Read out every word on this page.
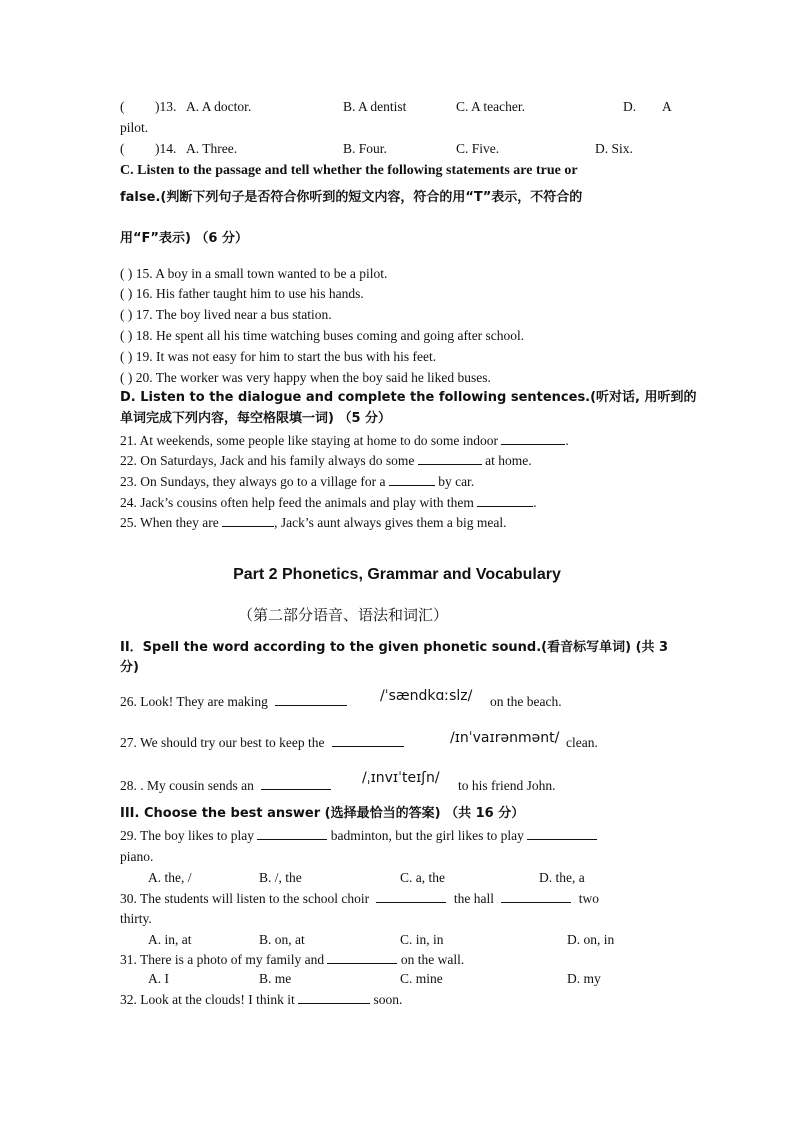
( )13. A. A doctor.	B. A dentist	C. A teacher.	D. A
pilot.
( )14. A. Three.	B. Four.	C. Five.	D. Six.
C. Listen to the passage and tell whether the following statements are true or
false.(判断下列句子是否符合你听到的短文内容，符合的用“T”表示，不符合的
用“F”表示) （6 分）
( ) 15. A boy in a small town wanted to be a pilot.
( ) 16. His father taught him to use his hands.
( ) 17. The boy lived near a bus station.
( ) 18. He spent all his time watching buses coming and going after school.
( ) 19. It was not easy for him to start the bus with his feet.
( ) 20. The worker was very happy when the boy said he liked buses.
D. Listen to the dialogue and complete the following sentences.(听对话, 用听到的
单词完成下列内容，每空格限填一词) （5 分）
21. At weekends, some people like staying at home to do some indoor	.
22. On Saturdays, Jack and his family always do some	at home.
23. On Sundays, they always go to a village for a	by car.
24. Jack’s cousins often help feed the animals and play with them	.
25. When they are	, Jack’s aunt always gives them a big meal.
Part 2 Phonetics, Grammar and Vocabulary
（第二部分语音、语法和词汇）
II．Spell the word according to the given phonetic sound.(看音标写单词) (共 3
分)
26. Look! They are making	/ˈsændkɑːslz/ on the beach.
27. We should try our best to keep the	/ɪnˈvaɪrənmənt/ clean.
28. . My cousin sends an	/ˌɪnvɪˈteɪʃn/ to his friend John.
III. Choose the best answer (选择最恰当的答案) （共 16 分）
29. The boy likes to play	badminton, but the girl likes to play
piano.
A. the, /	B. /, the	C. a, the	D. the, a
30. The students will listen to the school choir	the hall	two
thirty.
A. in, at	B. on, at	C. in, in	D. on, in
31. There is a photo of my family and	on the wall.
A. I	B. me	C. mine	D. my
32. Look at the clouds! I think it	soon.
